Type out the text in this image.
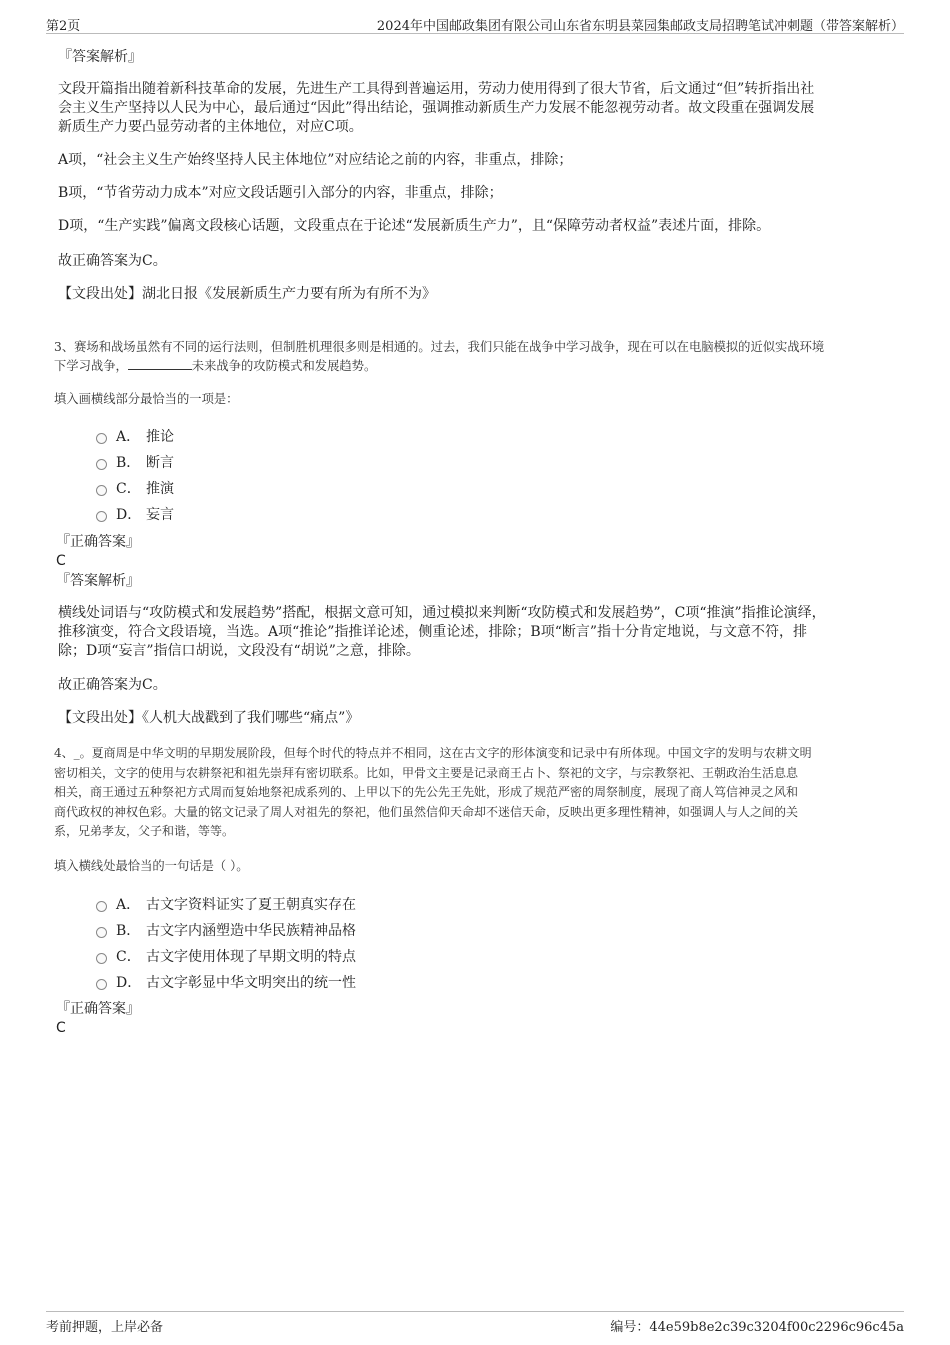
第2页	2024年中国邮政集团有限公司山东省东明县菜园集邮政支局招聘笔试冲刺题（带答案解析）
『答案解析』
文段开篇指出随着新科技革命的发展，先进生产工具得到普遍运用，劳动力使用得到了很大节省，后文通过“但”转折指出社
会主义生产坚持以人民为中心，最后通过“因此”得出结论，强调推动新质生产力发展不能忽视劳动者。故文段重在强调发展
新质生产力要凸显劳动者的主体地位，对应C项。
A项，“社会主义生产始终坚持人民主体地位”对应结论之前的内容，非重点，排除；
B项，“节省劳动力成本”对应文段话题引入部分的内容，非重点，排除；
D项，“生产实践”偏离文段核心话题，文段重点在于论述“发展新质生产力”，且“保障劳动者权益”表述片面，排除。
故正确答案为C。
【文段出处】湖北日报《发展新质生产力要有所为有所不为》
3、赛场和战场虽然有不同的运行法则，但制胜机理很多则是相通的。过去，我们只能在战争中学习战争，现在可以在电脑模拟的近似实战环境
下学习战争，	未来战争的攻防模式和发展趋势。
填入画横线部分最恰当的一项是：
A． 推论
B． 断言
C． 推演
D． 妄言
『正确答案』
C
『答案解析』
横线处词语与“攻防模式和发展趋势”搭配，根据文意可知，通过模拟来判断“攻防模式和发展趋势”，C项“推演”指推论演绎，
推移演变，符合文段语境，当选。A项“推论”指推详论述，侧重论述，排除；B项“断言”指十分肯定地说，与文意不符，排
除；D项“妄言”指信口胡说，文段没有“胡说”之意，排除。
故正确答案为C。
【文段出处】《人机大战戳到了我们哪些“痛点”》
4、_。夏商周是中华文明的早期发展阶段，但每个时代的特点并不相同，这在古文字的形体演变和记录中有所体现。中国文字的发明与农耕文明
密切相关，文字的使用与农耕祭祀和祖先崇拜有密切联系。比如，甲骨文主要是记录商王占卜、祭祀的文字，与宗教祭祀、王朝政治生活息息
相关，商王通过五种祭祀方式周而复始地祭祀成系列的、上甲以下的先公先王先妣，形成了规范严密的周祭制度，展现了商人笃信神灵之风和
商代政权的神权色彩。大量的铭文记录了周人对祖先的祭祀，他们虽然信仰天命却不迷信天命，反映出更多理性精神，如强调人与人之间的关
系，兄弟孝友，父子和谐，等等。
填入横线处最恰当的一句话是（ ）。
A． 古文字资料证实了夏王朝真实存在
B． 古文字内涵塑造中华民族精神品格
C． 古文字使用体现了早期文明的特点
D． 古文字彰显中华文明突出的统一性
『正确答案』
C
考前押题，上岸必备	编号：44e59b8e2c39c3204f00c2296c96c45a
